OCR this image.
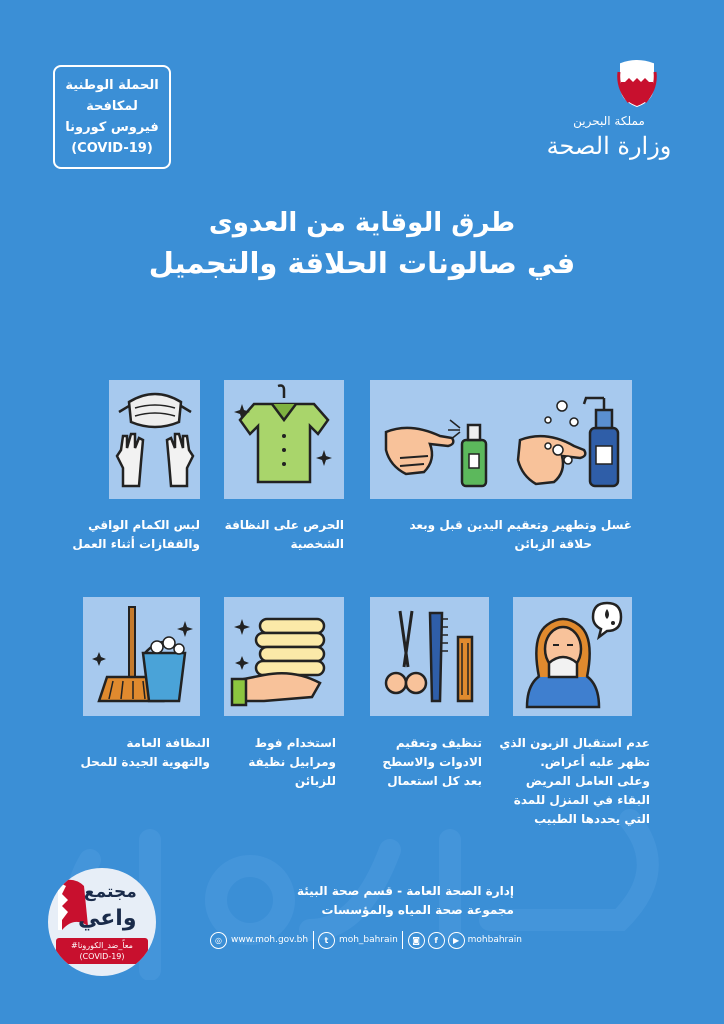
الحملة الوطنية
لمكافحة
فيروس كورونا
(COVID-19)
مملكة البحرين
وزارة الصحة
طرق الوقاية من العدوى
في صالونات الحلاقة والتجميل
غسل وتطهير وتعقيم اليدين قبل وبعد
حلاقة الزبائن
الحرص على النظافة
الشخصية
لبس الكمام الواقي
والقفازات أثناء العمل
عدم استقبال الزبون الذي
تظهر عليه أعراض.
وعلى العامل المريض
البقاء في المنزل للمدة
التي يحددها الطبيب
تنظيف وتعقيم
الادوات والاسطح
بعد كل استعمال
استخدام فوط
ومرابيل نظيفة
للزبائن
النظافة العامة
والتهوية الجيدة للمحل
إدارة الصحة العامة - قسم صحة البيئة
مجموعة صحة المياه والمؤسسات
◎	www.moh.gov.bh	t	moh_bahrain	◙	f	▶ mohbahrain
مجتمع
واعي
#معاً_ضد_الكورونا
(COVID-19)
